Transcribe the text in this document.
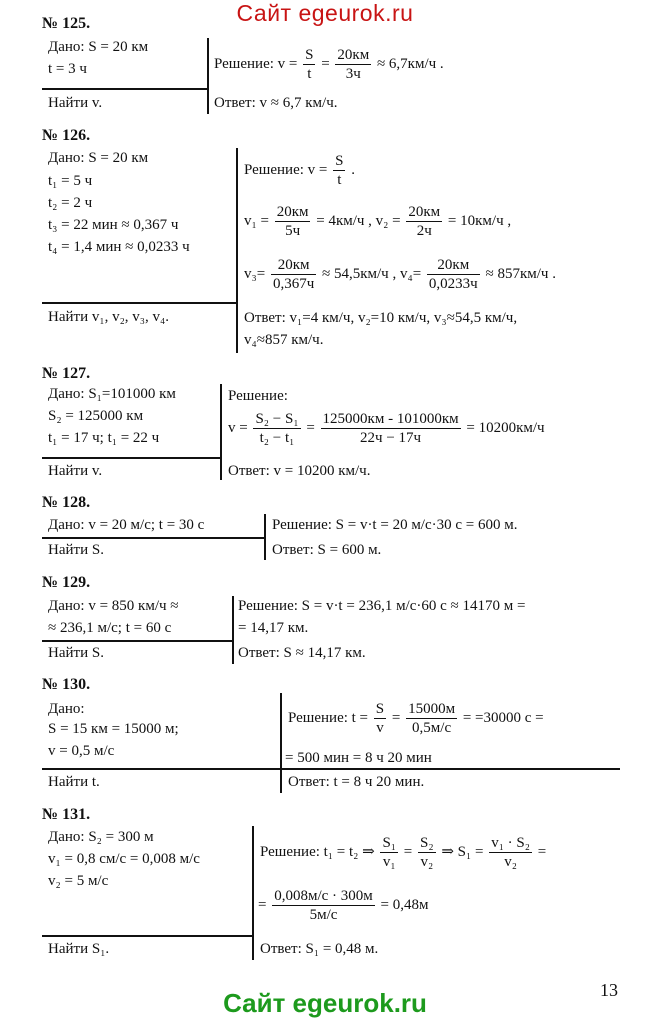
Сайт egeurok.ru
№ 125.
Дано: S = 20 км
t = 3 ч
Найти v.
Решение: $v = \frac{S}{t} = \frac{20км}{3ч} \approx 6,7км/ч$ .
Ответ: v ≈ 6,7 км/ч.
№ 126.
Дано: S = 20 км
t₁ = 5 ч
t₂ = 2 ч
t₃ = 22 мин ≈ 0,367 ч
t₄ = 1,4 мин ≈ 0,0233 ч
Найти v₁, v₂, v₃, v₄.
Решение: $v = \frac{S}{t}$ .
$v_1 = \frac{20км}{5ч} = 4км/ч$ , $v_2 = \frac{20км}{2ч} = 10км/ч$ ,
$v_3= \frac{20км}{0,367ч} \approx 54,5км/ч$ , $v_4= \frac{20км}{0,0233ч} \approx 857км/ч$ .
Ответ: v₁=4 км/ч, v₂=10 км/ч, v₃≈54,5 км/ч,
v₄≈857 км/ч.
№ 127.
Дано: S₁=101000 км
S₂ = 125000 км
t₁ = 17 ч; t₁ = 22 ч
Найти v.
Решение:
$v = \frac{\text{S₂ − S₁}}{\text{t₂ − t₁}} = \frac{125000км - 101000км}{22ч - 17ч} = 10200км/ч$
Ответ: v = 10200 км/ч.
№ 128.
Дано: v = 20 м/с; t = 30 с
Найти S.
Решение: S = v·t = 20 м/с·30 с = 600 м.
Ответ: S = 600 м.
№ 129.
Дано: v = 850 км/ч ≈
≈ 236,1 м/с; t = 60 с
Найти S.
Решение: S = v·t = 236,1 м/с·60 с ≈ 14170 м =
= 14,17 км.
Ответ: S ≈ 14,17 км.
№ 130.
Дано:
S = 15 км = 15000 м;
v = 0,5 м/с
Найти t.
Решение: $t = \frac{S}{v} = \frac{15000м}{0,5м/с} = =30000$ с =
= 500 мин = 8 ч 20 мин
Ответ: t = 8 ч 20 мин.
№ 131.
Дано: S₂ = 300 м
v₁ = 0,8 см/с = 0,008 м/с
v₂ = 5 м/с
Найти S₁.
Решение: t₁ = t₂ ⇒ $\frac{\text{S₁}}{\text{v₁}} = \frac{\text{S₂}}{\text{v₂}}$ ⇒ $S_1 = \frac{\text{v₁ · S₂}}{\text{v₂}}$ =
= $\frac{0,008м/с \cdot 300м}{5м/с} = 0,48м$
Ответ: S₁ = 0,48 м.
13
Сайт egeurok.ru
